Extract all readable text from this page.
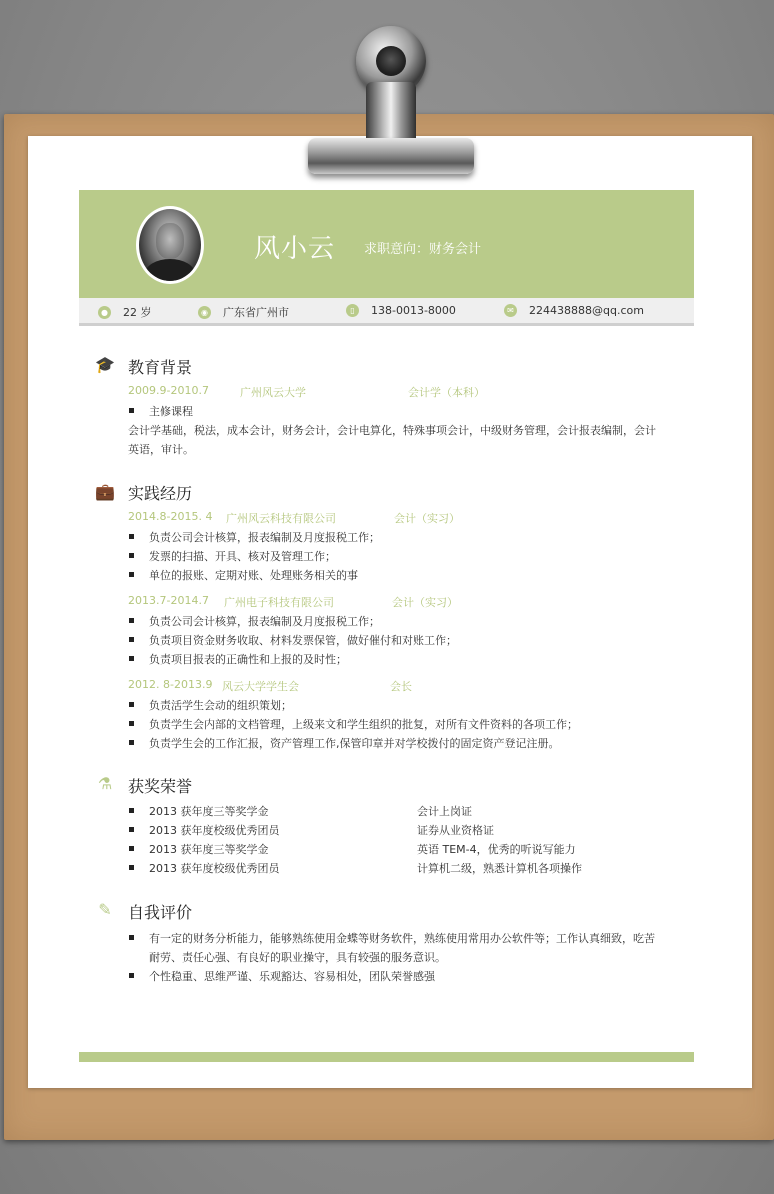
风小云 求职意向：财务会计
● 22 岁	◉ 广东省广州市	▯	138-0013-8000	✉ 224438888@qq.com
🎓 教育背景
2009.9-2010.7	广州风云大学	会计学（本科）
主修课程
会计学基础，税法，成本会计，财务会计，会计电算化，特殊事项会计，中级财务管理，会计报表编制，会计
英语，审计。
💼 实践经历
2014.8-2015. 4 广州风云科技有限公司	会计（实习）
负责公司会计核算，报表编制及月度报税工作；
发票的扫描、开具、核对及管理工作；
单位的报账、定期对账、处理账务相关的事
2013.7-2014.7 广州电子科技有限公司	会计（实习）
负责公司会计核算，报表编制及月度报税工作；
负责项目资金财务收取、材料发票保管，做好催付和对账工作；
负责项目报表的正确性和上报的及时性；
2012. 8-2013.9 风云大学学生会	会长
负责活学生会动的组织策划；
负责学生会内部的文档管理，上级来文和学生组织的批复，对所有文件资料的各项工作；
负责学生会的工作汇报，资产管理工作,保管印章并对学校拨付的固定资产登记注册。
⚗ 获奖荣誉
2013 获年度三等奖学金	会计上岗证
2013 获年度校级优秀团员	证券从业资格证
2013 获年度三等奖学金	英语 TEM-4，优秀的听说写能力
2013 获年度校级优秀团员	计算机二级，熟悉计算机各项操作
✎ 自我评价
有一定的财务分析能力，能够熟练使用金蝶等财务软件，熟练使用常用办公软件等；工作认真细致，吃苦
耐劳、责任心强、有良好的职业操守，具有较强的服务意识。
个性稳重、思维严谨、乐观豁达、容易相处，团队荣誉感强
